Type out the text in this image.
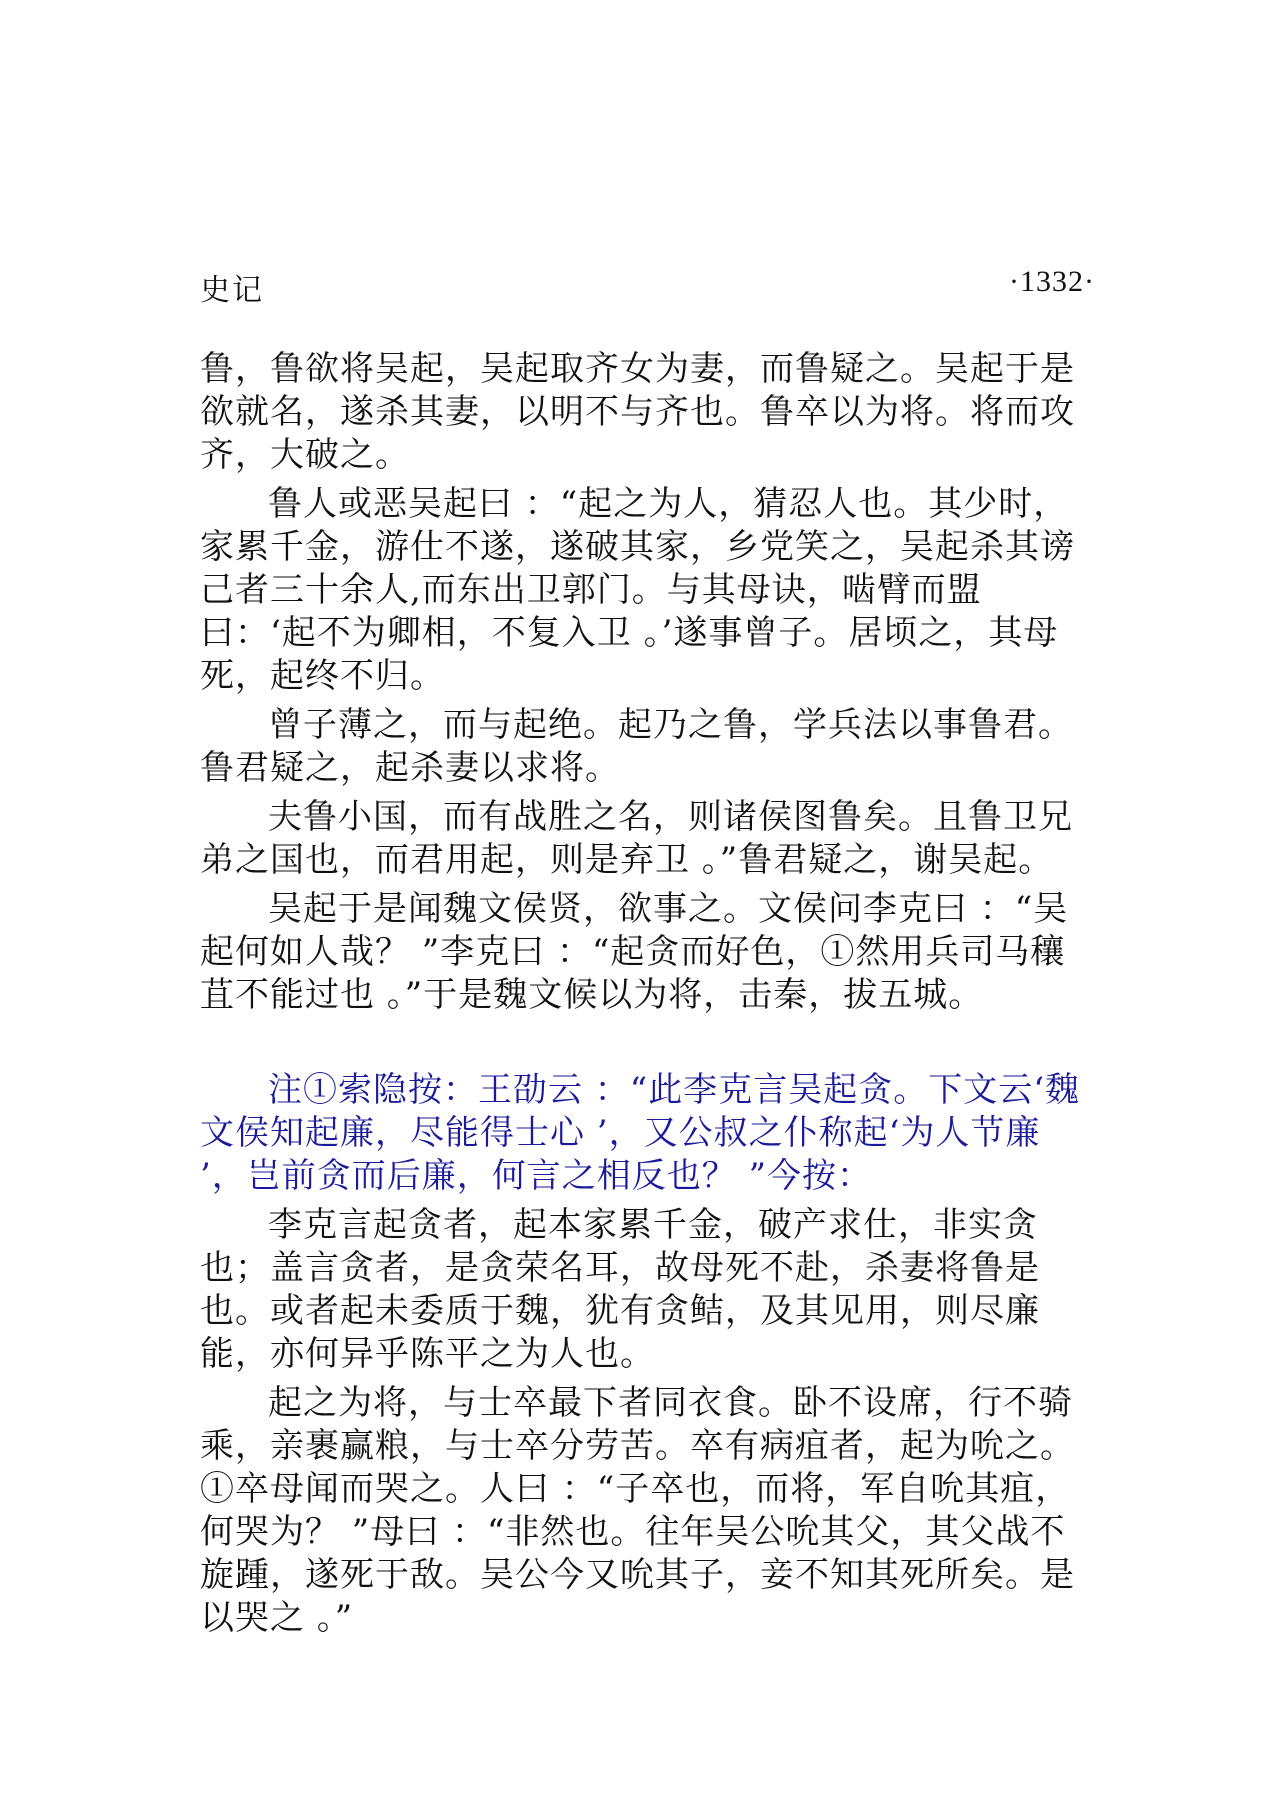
史记	·1332·

鲁，鲁欲将吴起，吴起取齐女为妻，而鲁疑之。吴起于是欲就名，遂杀其妻，以明不与齐也。鲁卒以为将。将而攻齐，大破之。

鲁人或恶吴起曰 ：“起之为人，猜忍人也。其少时，家累千金，游仕不遂，遂破其家，乡党笑之，吴起杀其谤己者三十余人,而东出卫郭门。与其母诀，啮臂而盟曰：‘起不为卿相，不复入卫 。’遂事曾子。居顷之，其母死，起终不归。

曾子薄之，而与起绝。起乃之鲁，学兵法以事鲁君。鲁君疑之，起杀妻以求将。

夫鲁小国，而有战胜之名，则诸侯图鲁矣。且鲁卫兄弟之国也，而君用起，则是弃卫 。”鲁君疑之，谢吴起。

吴起于是闻魏文侯贤，欲事之。文侯问李克曰 ：“吴起何如人哉？ ”李克曰 ：“起贪而好色，①然用兵司马穰苴不能过也 。”于是魏文候以为将，击秦，拔五城。

注①索隐按：王劭云 ：“此李克言吴起贪。下文云‘魏文侯知起廉，尽能得士心 ’，又公叔之仆称起‘为人节廉 ’，岂前贪而后廉，何言之相反也？ ”今按：

李克言起贪者，起本家累千金，破产求仕，非实贪也；盖言贪者，是贪荣名耳，故母死不赴，杀妻将鲁是也。或者起未委质于魏，犹有贪鲒，及其见用，则尽廉能，亦何异乎陈平之为人也。

起之为将，与士卒最下者同衣食。卧不设席，行不骑乘，亲裹赢粮，与士卒分劳苦。卒有病疽者，起为吮之。①卒母闻而哭之。人曰 ：“子卒也，而将，军自吮其疽，何哭为？ ”母曰 ：“非然也。往年吴公吮其父，其父战不旋踵，遂死于敌。吴公今又吮其子，妾不知其死所矣。是以哭之 。”
